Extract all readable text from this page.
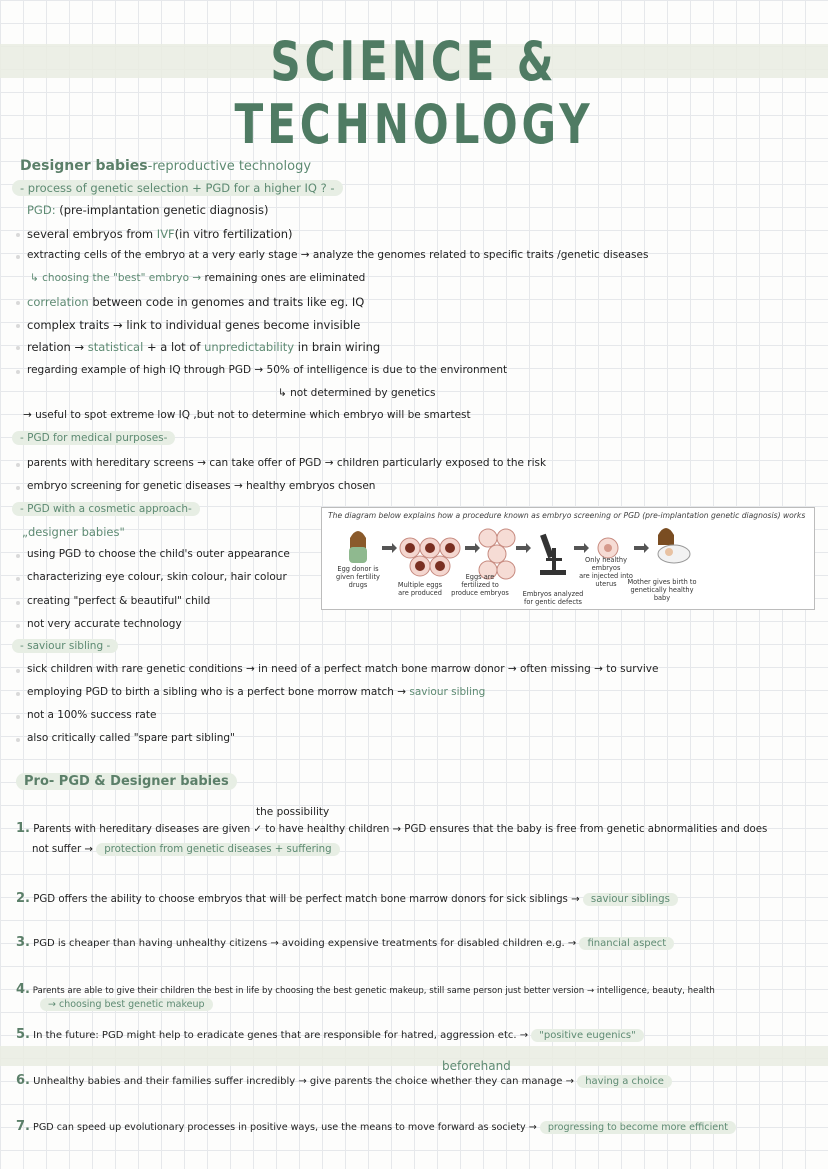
SCIENCE & TECHNOLOGY
Designer babies-reproductive technology
- process of genetic selection + PGD for a higher IQ ? -
PGD: (pre-implantation genetic diagnosis)
several embryos from IVF(in vitro fertilization)
extracting cells of the embryo at a very early stage → analyze the genomes related to specific traits /genetic diseases
↳ choosing the "best" embryo → remaining ones are eliminated
correlation between code in genomes and traits like eg. IQ
complex traits → link to individual genes become invisible
relation → statistical + a lot of unpredictability in brain wiring
regarding example of high IQ through PGD → 50% of intelligence is due to the environment
↳ not determined by genetics
→ useful to spot extreme low IQ ,but not to determine which embryo will be smartest
- PGD for medical purposes-
parents with hereditary screens → can take offer of PGD → children particularly exposed to the risk
embryo screening for genetic diseases → healthy embryos chosen
- PGD with a cosmetic approach-
„designer babies"
using PGD to choose the child's outer appearance
characterizing eye colour, skin colour, hair colour
creating "perfect & beautiful" child
not very accurate technology
The diagram below explains how a procedure known as embryo screening or PGD (pre-implantation genetic diagnosis) works
Egg donor is
given fertility drugs	Multiple eggs
are produced
Eggs are
fertilized to
produce embryos	Embryos analyzed
for gentic defects
Only healthy embryos
are injected into uterus	Mother gives birth to
genetically healthy baby
- saviour sibling -
sick children with rare genetic conditions → in need of a perfect match bone marrow donor → often missing → to survive
employing PGD to birth a sibling who is a perfect bone morrow match → saviour sibling
not a 100% success rate
also critically called "spare part sibling"
Pro- PGD & Designer babies
the possibility
1. Parents with hereditary diseases are given ✓ to have healthy children → PGD ensures that the baby is free from genetic abnormalities and does
not suffer → protection from genetic diseases + suffering
2. PGD offers the ability to choose embryos that will be perfect match bone marrow donors for sick siblings → saviour siblings
3. PGD is cheaper than having unhealthy citizens → avoiding expensive treatments for disabled children e.g. → financial aspect
4. Parents are able to give their children the best in life by choosing the best genetic makeup, still same person just better version → intelligence, beauty, health
→ choosing best genetic makeup
5. In the future: PGD might help to eradicate genes that are responsible for hatred, aggression etc. → "positive eugenics"
beforehand
6. Unhealthy babies and their families suffer incredibly → give parents the choice whether they can manage → having a choice
7. PGD can speed up evolutionary processes in positive ways, use the means to move forward as society → progressing to become more efficient
